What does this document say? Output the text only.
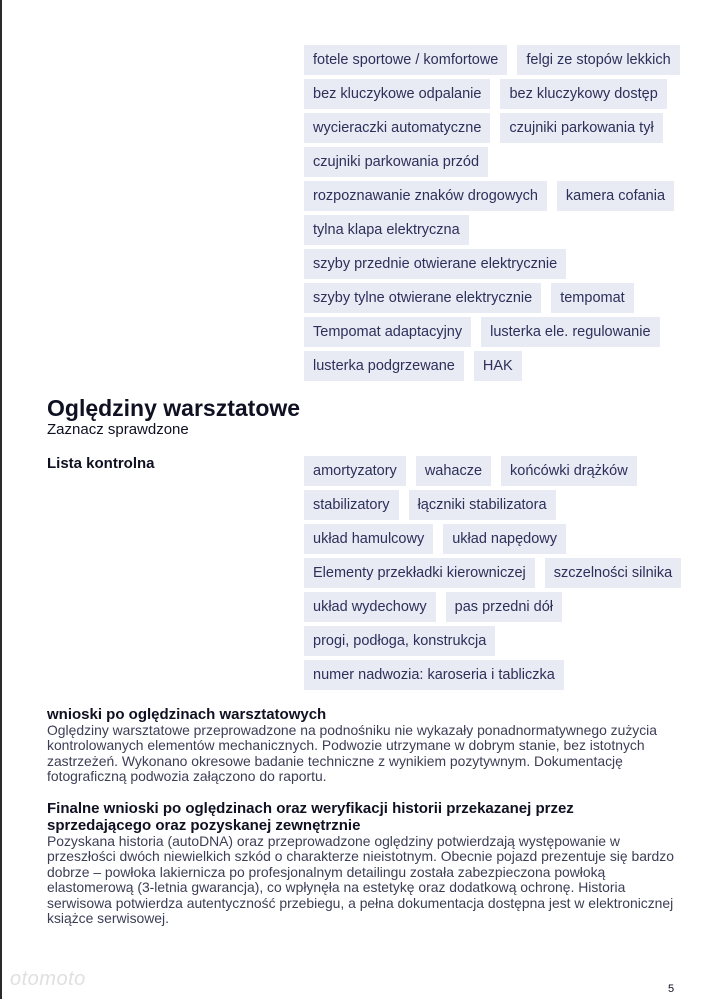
fotele sportowe / komfortowe	felgi ze stopów lekkich
bez kluczykowe odpalanie	bez kluczykowy dostęp
wycieraczki automatyczne	czujniki parkowania tył
czujniki parkowania przód
rozpoznawanie znaków drogowych	kamera cofania
tylna klapa elektryczna
szyby przednie otwierane elektrycznie
szyby tylne otwierane elektrycznie	tempomat
Tempomat adaptacyjny	lusterka ele. regulowanie
lusterka podgrzewane	HAK
Oględziny warsztatowe
Zaznacz sprawdzone
Lista kontrolna	amortyzatory	wahacze	końcówki drążków
stabilizatory	łączniki stabilizatora
układ hamulcowy	układ napędowy
Elementy przekładki kierowniczej	szczelności silnika
układ wydechowy	pas przedni dół
progi, podłoga, konstrukcja
numer nadwozia: karoseria i tabliczka
wnioski po oględzinach warsztatowych

Oględziny warsztatowe przeprowadzone na podnośniku nie wykazały ponadnormatywnego zużycia kontrolowanych elementów mechanicznych. Podwozie utrzymane w dobrym stanie, bez istotnych zastrzeżeń. Wykonano okresowe badanie techniczne z wynikiem pozytywnym. Dokumentację fotograficzną podwozia załączono do raportu.

Finalne wnioski po oględzinach oraz weryfikacji historii przekazanej przez sprzedającego oraz pozyskanej zewnętrznie

Pozyskana historia (autoDNA) oraz przeprowadzone oględziny potwierdzają występowanie w przeszłości dwóch niewielkich szkód o charakterze nieistotnym. Obecnie pojazd prezentuje się bardzo dobrze – powłoka lakiernicza po profesjonalnym detailingu została zabezpieczona powłoką elastomerową (3-letnia gwarancja), co wpłynęła na estetykę oraz dodatkową ochronę. Historia serwisowa potwierdza autentyczność przebiegu, a pełna dokumentacja dostępna jest w elektronicznej książce serwisowej.

otomoto	5
